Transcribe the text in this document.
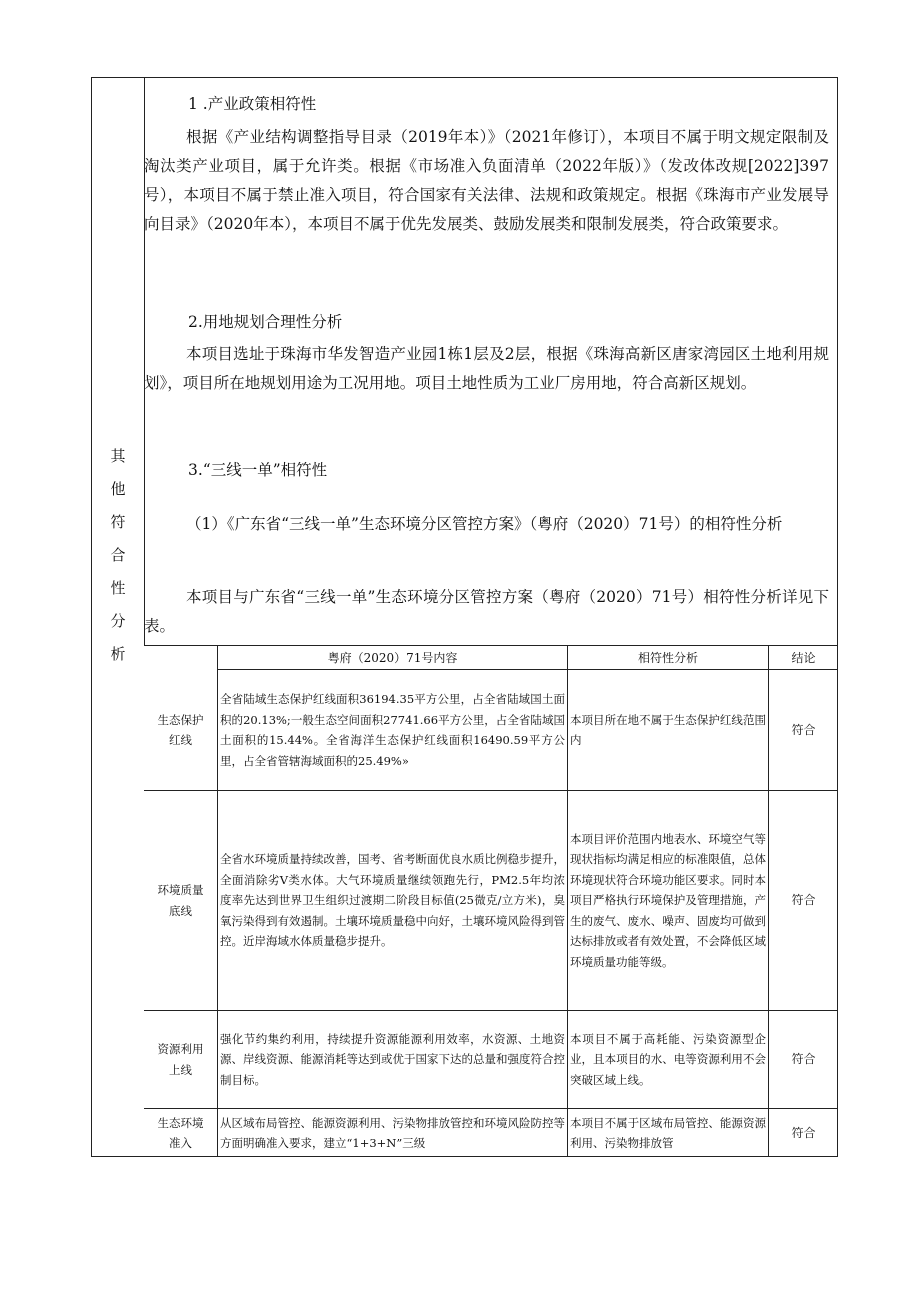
其
他
符
合
性
分
析
1 .产业政策相符性
根据《产业结构调整指导目录（2019年本）》（2021年修订），本项目不属于明文规定限制及淘汰类产业项目，属于允许类。根据《市场准入负面清单（2022年版）》（发改体改规[2022]397号），本项目不属于禁止准入项目，符合国家有关法律、法规和政策规定。根据《珠海市产业发展导向目录》（2020年本），本项目不属于优先发展类、鼓励发展类和限制发展类，符合政策要求。
2.用地规划合理性分析
本项目选址于珠海市华发智造产业园1栋1层及2层，根据《珠海高新区唐家湾园区土地利用规划》，项目所在地规划用途为工况用地。项目土地性质为工业厂房用地，符合高新区规划。
3.“三线一单”相符性
（1）《广东省“三线一单”生态环境分区管控方案》（粤府（2020）71号）的相符性分析
本项目与广东省“三线一单”生态环境分区管控方案（粤府（2020）71号）相符性分析详见下表。
粤府（2020）71号内容	相符性分析	结论
生态保护
红线
全省陆域生态保护红线面积36194.35平方公里，占全省陆域国土面积的20.13%;一般生态空间面积27741.66平方公里，占全省陆域国土面积的15.44%。全省海洋生态保护红线面积16490.59平方公里，占全省管辖海域面积的25.49%»
本项目所在地不属于生态保护红线范围内
符合
环境质量
底线
全省水环境质量持续改善，国考、省考断面优良水质比例稳步提升，全面消除劣V类水体。大气环境质量继续领跑先行，PM2.5年均浓度率先达到世界卫生组织过渡期二阶段目标值(25微克/立方米)，臭氧污染得到有效遏制。土壤环境质量稳中向好，土壤环境风险得到管控。近岸海域水体质量稳步提升。
本项目评价范围内地表水、环境空气等现状指标均满足相应的标准限值，总体环境现状符合环境功能区要求。同时本项目严格执行环境保护及管理措施，产生的废气、废水、噪声、固废均可做到达标排放或者有效处置，不会降低区域环境质量功能等级。
符合
资源利用
上线
强化节约集约利用，持续提升资源能源利用效率，水资源、土地资源、岸线资源、能源消耗等达到或优于国家下达的总量和强度符合控制目标。
本项目不属于高耗能、污染资源型企业，且本项目的水、电等资源利用不会突破区域上线。
符合
生态环境
准入
从区域布局管控、能源资源利用、污染物排放管控和环境风险防控等方面明确准入要求，建立“1+3+N”三级
本项目不属于区域布局管控、能源资源利用、污染物排放管
符合
